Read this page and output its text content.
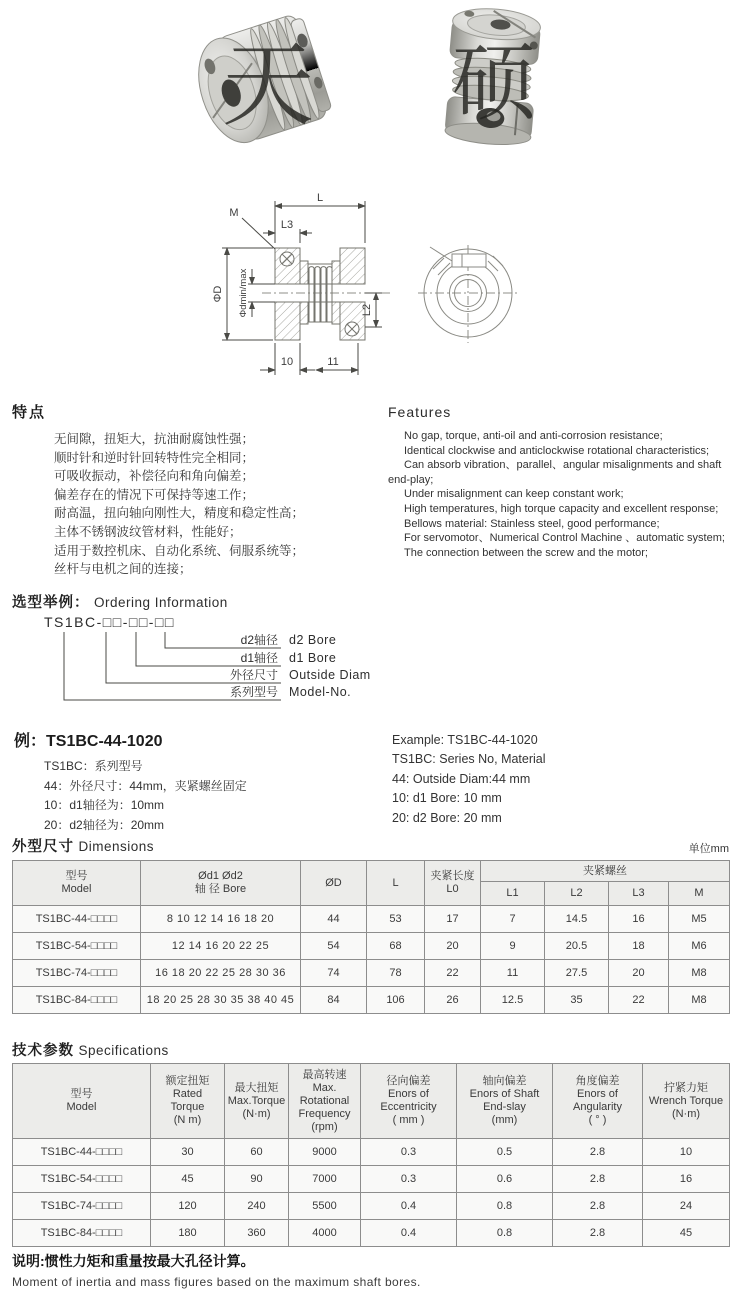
天 硕
L
M
L3
ΦD Φdmin/max	L2
10	11
特点
无间隙，扭矩大，抗油耐腐蚀性强；
顺时针和逆时针回转特性完全相同；
可吸收振动，补偿径向和角向偏差；
偏差存在的情况下可保持等速工作；
耐高温，扭向轴向刚性大，精度和稳定性高；
主体不锈钢波纹管材料，性能好；
适用于数控机床、自动化系统、伺服系统等；
丝杆与电机之间的连接；
Features

No gap, torque, anti-oil and anti-corrosion resistance;

Identical clockwise and anticlockwise rotational characteristics;

Can absorb vibration、parallel、angular misalignments and shaft end-play;

Under misalignment can keep constant work;

High temperatures, high torque capacity and excellent response;

Bellows material: Stainless steel, good performance;

For servomotor、Numerical Control Machine 、automatic system;

The connection between the screw and the motor;

选型举例： Ordering Information
TS1BC-□□-□□-□□
d2轴径 d2 Bore
d1轴径 d1 Bore
外径尺寸 Outside Diam
系列型号 Model-No.
例：TS1BC-44-1020
TS1BC：系列型号
44：外径尺寸：44mm，夹紧螺丝固定
10：d1轴径为：10mm
20：d2轴径为：20mm
Example: TS1BC-44-1020
TS1BC: Series No, Material
44: Outside Diam:44 mm
10: d1 Bore: 10 mm
20: d2 Bore: 20 mm
外型尺寸 Dimensions	单位mm
型号
Model	Ød1 Ød2
轴 径 Bore	ØD	L	夹紧长度
L0	夹紧螺丝			
					L1	L2	L3	M
TS1BC-44-□□□□	8 10 12 14 16 18 20	44	53	17	7	14.5	16	M5
TS1BC-54-□□□□	12 14 16 20 22 25	54	68	20	9	20.5	18	M6
TS1BC-74-□□□□	16 18 20 22 25 28 30 36	74	78	22	11	27.5	20	M8
TS1BC-84-□□□□	18 20 25 28 30 35 38 40 45	84	106	26	12.5	35	22	M8
技术参数 Specifications
型号
Model	额定扭矩
Rated
Torque
(N m)	最大扭矩
Max.Torque
(N·m)	最高转速
Max.
Rotational
Frequency
(rpm)	径向偏差
Enors of
Eccentricity
( mm )	轴向偏差
Enors of Shaft
End-slay
(mm)	角度偏差
Enors of
Angularity
( ° )	拧紧力矩
Wrench Torque
(N·m)
TS1BC-44-□□□□	30	60	9000	0.3	0.5	2.8	10
TS1BC-54-□□□□	45	90	7000	0.3	0.6	2.8	16
TS1BC-74-□□□□	120	240	5500	0.4	0.8	2.8	24
TS1BC-84-□□□□	180	360	4000	0.4	0.8	2.8	45
说明:惯性力矩和重量按最大孔径计算。
Moment of inertia and mass figures based on the maximum shaft bores.
